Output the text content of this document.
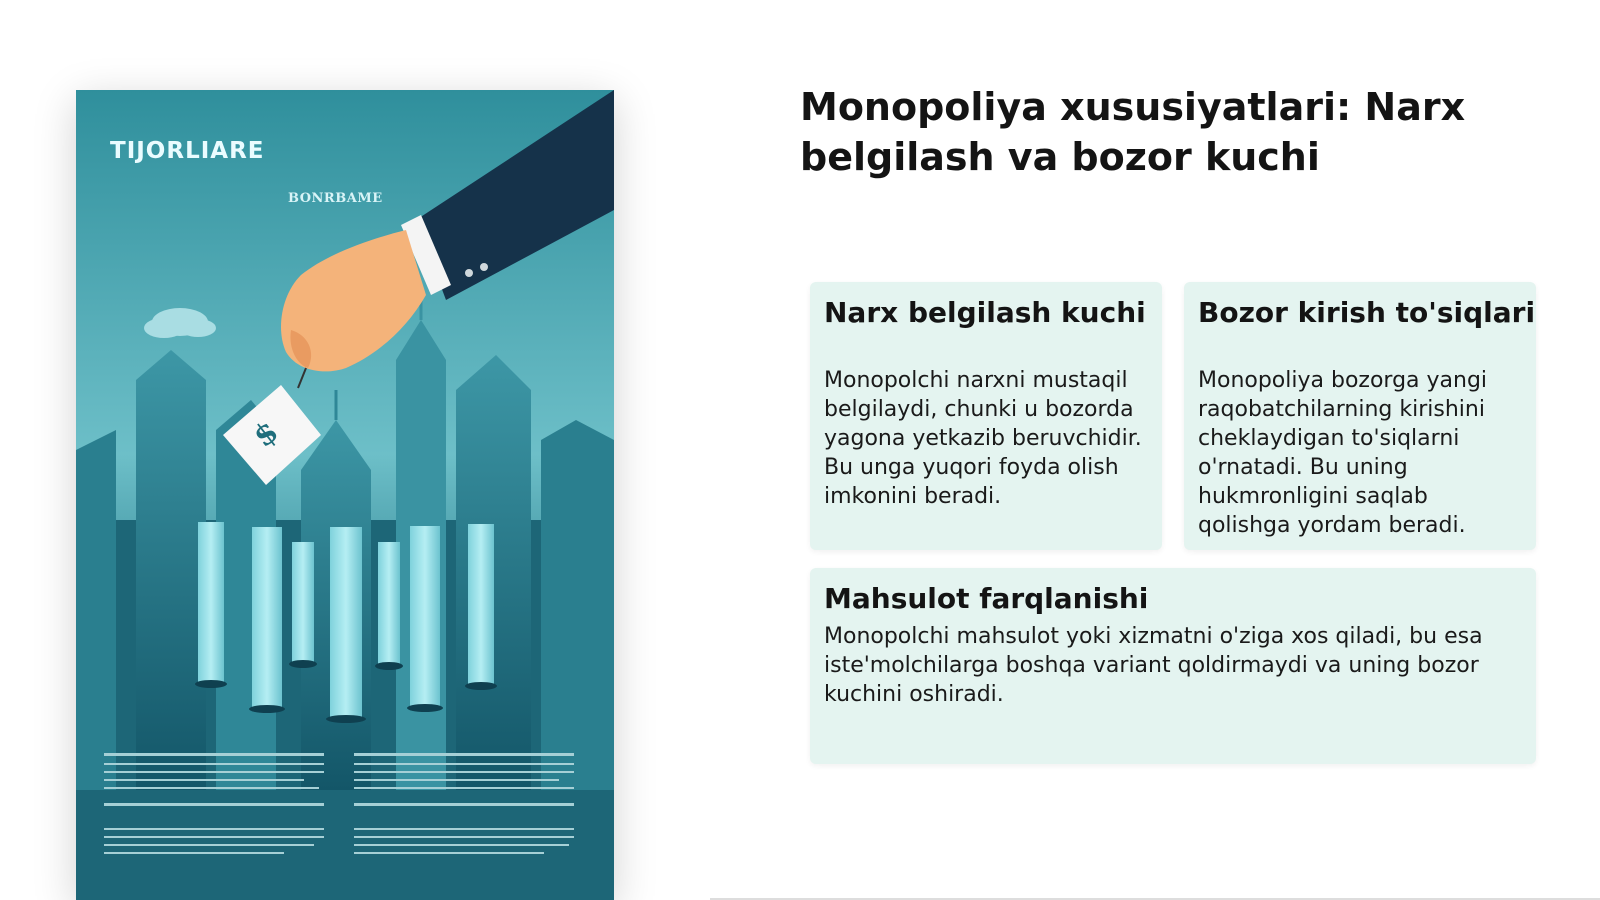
$
TIJORLIARE
BONRBAME
Monopoliya xususiyatlari: Narx belgilash va bozor kuchi
Narx belgilash kuchi

Monopolchi narxni mustaqil belgilaydi, chunki u bozorda yagona yetkazib beruvchidir. Bu unga yuqori foyda olish imkonini beradi.

Bozor kirish to'siqlari

Monopoliya bozorga yangi raqobatchilarning kirishini cheklaydigan to'siqlarni o'rnatadi. Bu uning hukmronligini saqlab qolishga yordam beradi.

Mahsulot farqlanishi

Monopolchi mahsulot yoki xizmatni o'ziga xos qiladi, bu esa iste'molchilarga boshqa variant qoldirmaydi va uning bozor kuchini oshiradi.
